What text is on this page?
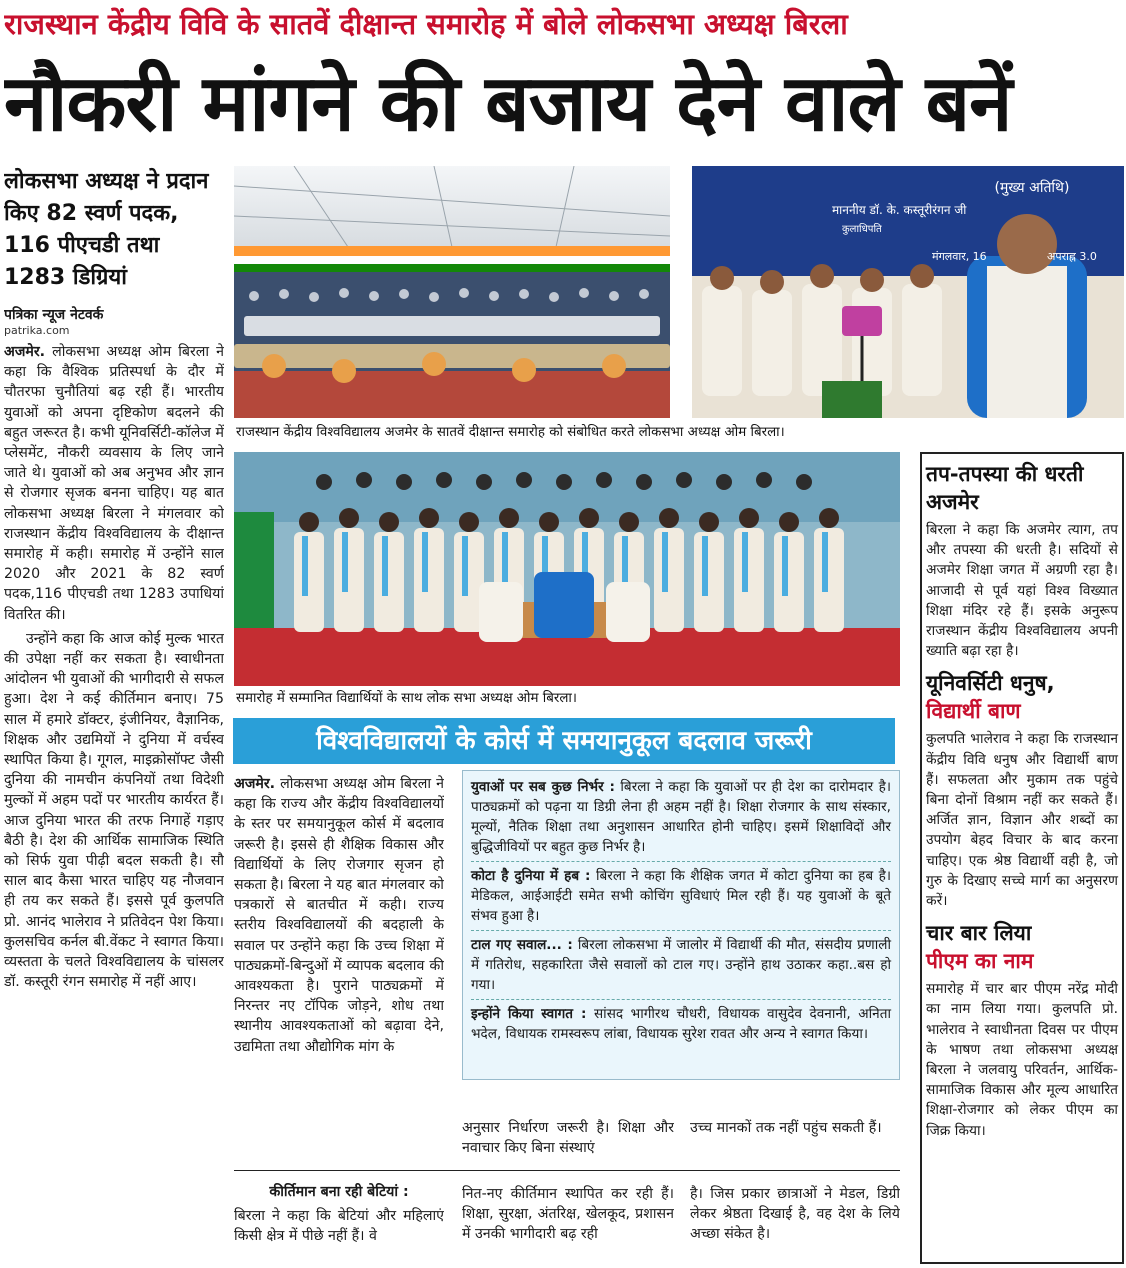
राजस्थान केंद्रीय विवि के सातवें दीक्षान्त समारोह में बोले लोकसभा अध्यक्ष बिरला
नौकरी मांगने की बजाय देने वाले बनें
लोकसभा अध्यक्ष ने प्रदान किए 82 स्वर्ण पदक, 116 पीएचडी तथा 1283 डिग्रियां
पत्रिका न्यूज नेटवर्क
patrika.com
अजमेर. लोकसभा अध्यक्ष ओम बिरला ने कहा कि वैश्विक प्रतिस्पर्धा के दौर में चौतरफा चुनौतियां बढ़ रही हैं। भारतीय युवाओं को अपना दृष्टिकोण बदलने की बहुत जरूरत है। कभी यूनिवर्सिटी-कॉलेज में प्लेसमेंट, नौकरी व्यवसाय के लिए जाने जाते थे। युवाओं को अब अनुभव और ज्ञान से रोजगार सृजक बनना चाहिए। यह बात लोकसभा अध्यक्ष बिरला ने मंगलवार को राजस्थान केंद्रीय विश्वविद्यालय के दीक्षान्त समारोह में कही। समारोह में उन्होंने साल 2020 और 2021 के 82 स्वर्ण पदक,116 पीएचडी तथा 1283 उपाधियां वितरित की।
उन्होंने कहा कि आज कोई मुल्क भारत की उपेक्षा नहीं कर सकता है। स्वाधीनता आंदोलन भी युवाओं की भागीदारी से सफल हुआ। देश ने कई कीर्तिमान बनाए। 75 साल में हमारे डॉक्टर, इंजीनियर, वैज्ञानिक, शिक्षक और उद्यमियों ने दुनिया में वर्चस्व स्थापित किया है। गूगल, माइक्रोसॉफ्ट जैसी दुनिया की नामचीन कंपनियों तथा विदेशी मुल्कों में अहम पदों पर भारतीय कार्यरत हैं। आज दुनिया भारत की तरफ निगाहें गड़ाए बैठी है। देश की आर्थिक सामाजिक स्थिति को सिर्फ युवा पीढ़ी बदल सकती है। सौ साल बाद कैसा भारत चाहिए यह नौजवान ही तय कर सकते हैं। इससे पूर्व कुलपति प्रो. आनंद भालेराव ने प्रतिवेदन पेश किया। कुलसचिव कर्नल बी.वेंकट ने स्वागत किया। व्यस्तता के चलते विश्वविद्यालय के चांसलर डॉ. कस्तूरी रंगन समारोह में नहीं आए।
(मुख्य अतिथि)
माननीय डॉ. के. कस्तूरीरंगन जी
कुलाधिपति
मंगलवार, 16	अपराह्न 3.0
राजस्थान केंद्रीय विश्वविद्यालय अजमेर के सातवें दीक्षान्त समारोह को संबोधित करते लोकसभा अध्यक्ष ओम बिरला।
समारोह में सम्मानित विद्यार्थियों के साथ लोक सभा अध्यक्ष ओम बिरला।
तप-तपस्या की धरती अजमेर
बिरला ने कहा कि अजमेर त्याग, तप और तपस्या की धरती है। सदियों से अजमेर शिक्षा जगत में अग्रणी रहा है। आजादी से पूर्व यहां विश्व विख्यात शिक्षा मंदिर रहे हैं। इसके अनुरूप राजस्थान केंद्रीय विश्वविद्यालय अपनी ख्याति बढ़ा रहा है।
यूनिवर्सिटी धनुष,
विद्यार्थी बाण
कुलपति भालेराव ने कहा कि राजस्थान केंद्रीय विवि धनुष और विद्यार्थी बाण हैं। सफलता और मुकाम तक पहुंचे बिना दोनों विश्राम नहीं कर सकते हैं। अर्जित ज्ञान, विज्ञान और शब्दों का उपयोग बेहद विचार के बाद करना चाहिए। एक श्रेष्ठ विद्यार्थी वही है, जो गुरु के दिखाए सच्चे मार्ग का अनुसरण करें।
चार बार लिया
पीएम का नाम
समारोह में चार बार पीएम नरेंद्र मोदी का नाम लिया गया। कुलपति प्रो. भालेराव ने स्वाधीनता दिवस पर पीएम के भाषण तथा लोकसभा अध्यक्ष बिरला ने जलवायु परिवर्तन, आर्थिक-सामाजिक विकास और मूल्य आधारित शिक्षा-रोजगार को लेकर पीएम का जिक्र किया।
विश्वविद्यालयों के कोर्स में समयानुकूल बदलाव जरूरी
अजमेर. लोकसभा अध्यक्ष ओम बिरला ने कहा कि राज्य और केंद्रीय विश्वविद्यालयों के स्तर पर समयानुकूल कोर्स में बदलाव जरूरी है। इससे ही शैक्षिक विकास और विद्यार्थियों के लिए रोजगार सृजन हो सकता है। बिरला ने यह बात मंगलवार को पत्रकारों से बातचीत में कही। राज्य स्तरीय विश्वविद्यालयों की बदहाली के सवाल पर उन्होंने कहा कि उच्च शिक्षा में पाठ्यक्रमों-बिन्दुओं में व्यापक बदलाव की आवश्यकता है। पुराने पाठ्यक्रमों में निरन्तर नए टॉपिक जोड़ने, शोध तथा स्थानीय आवश्यकताओं को बढ़ावा देने, उद्यमिता तथा औद्योगिक मांग के
युवाओं पर सब कुछ निर्भर : बिरला ने कहा कि युवाओं पर ही देश का दारोमदार है। पाठ्यक्रमों को पढ़ना या डिग्री लेना ही अहम नहीं है। शिक्षा रोजगार के साथ संस्कार, मूल्यों, नैतिक शिक्षा तथा अनुशासन आधारित होनी चाहिए। इसमें शिक्षाविदों और बुद्धिजीवियों पर बहुत कुछ निर्भर है।
कोटा है दुनिया में हब : बिरला ने कहा कि शैक्षिक जगत में कोटा दुनिया का हब है। मेडिकल, आईआईटी समेत सभी कोचिंग सुविधाएं मिल रही हैं। यह युवाओं के बूते संभव हुआ है।
टाल गए सवाल... : बिरला लोकसभा में जालोर में विद्यार्थी की मौत, संसदीय प्रणाली में गतिरोध, सहकारिता जैसे सवालों को टाल गए। उन्होंने हाथ उठाकर कहा..बस हो गया।
इन्होंने किया स्वागत : सांसद भागीरथ चौधरी, विधायक वासुदेव देवनानी, अनिता भदेल, विधायक रामस्वरूप लांबा, विधायक सुरेश रावत और अन्य ने स्वागत किया।
अनुसार निर्धारण जरूरी है। शिक्षा और नवाचार किए बिना संस्थाएं
उच्च मानकों तक नहीं पहुंच सकती हैं।
कीर्तिमान बना रही बेटियां :
बिरला ने कहा कि बेटियां और महिलाएं किसी क्षेत्र में पीछे नहीं हैं। वे
नित-नए कीर्तिमान स्थापित कर रही हैं। शिक्षा, सुरक्षा, अंतरिक्ष, खेलकूद, प्रशासन में उनकी भागीदारी बढ़ रही
है। जिस प्रकार छात्राओं ने मेडल, डिग्री लेकर श्रेष्ठता दिखाई है, वह देश के लिये अच्छा संकेत है।
